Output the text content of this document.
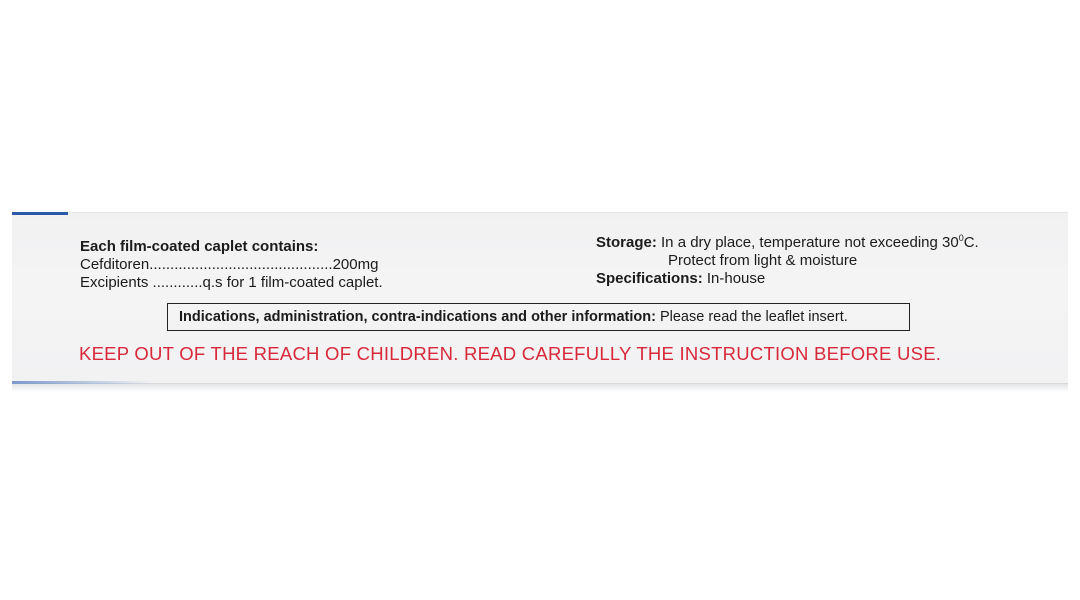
Each film-coated caplet contains:
Cefditoren............................................200mg
Excipients ............q.s for 1 film-coated caplet.
Storage: In a dry place, temperature not exceeding $30^0C$.
Protect from light & moisture
Specifications: In-house
Indications, administration, contra-indications and other information: Please read the leaflet insert.
KEEP OUT OF THE REACH OF CHILDREN. READ CAREFULLY THE INSTRUCTION BEFORE USE.
